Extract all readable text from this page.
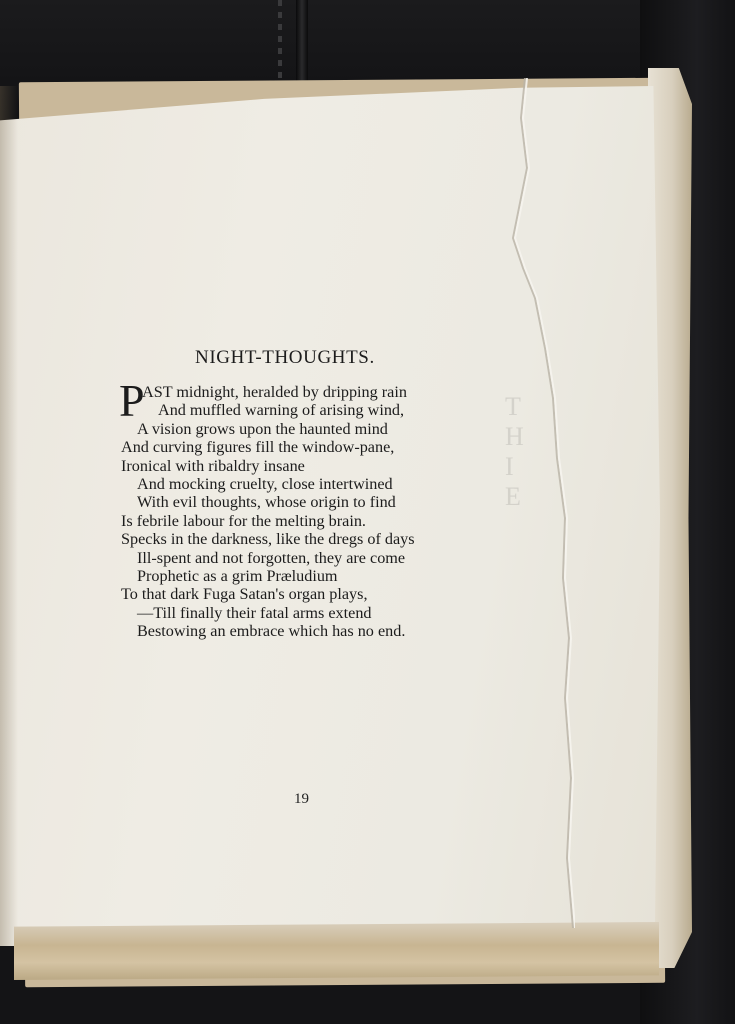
T
H
I
E
NIGHT-THOUGHTS.
P
AST midnight, heralded by dripping rain
And muffled warning of arising wind,
A vision grows upon the haunted mind
And curving figures fill the window-pane,
Ironical with ribaldry insane
And mocking cruelty, close intertwined
With evil thoughts, whose origin to find
Is febrile labour for the melting brain.
Specks in the darkness, like the dregs of days
Ill-spent and not forgotten, they are come
Prophetic as a grim Præludium
To that dark Fuga Satan's organ plays,
—Till finally their fatal arms extend
Bestowing an embrace which has no end.
19
